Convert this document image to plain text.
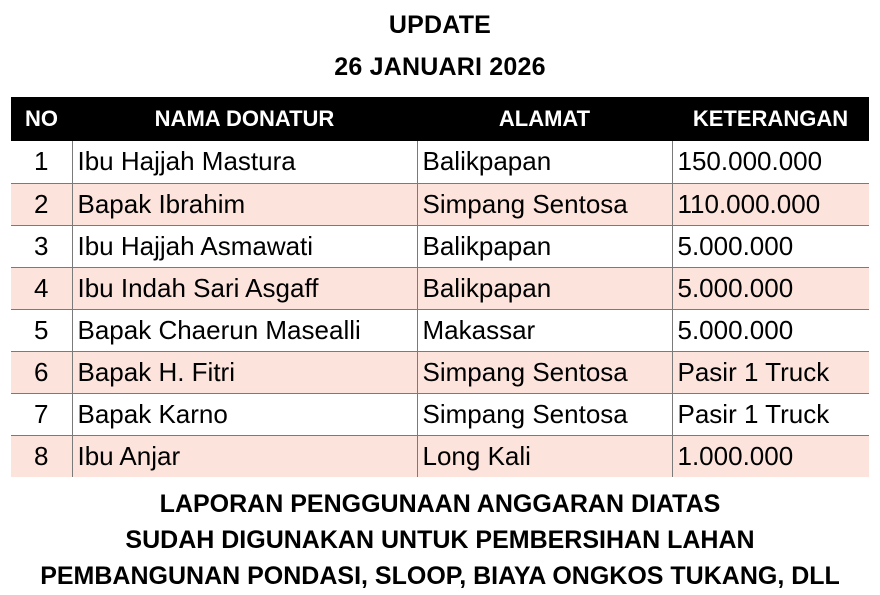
UPDATE
26 JANUARI 2026
NO	NAMA DONATUR	ALAMAT	KETERANGAN
1	Ibu Hajjah Mastura	Balikpapan	150.000.000
2	Bapak Ibrahim	Simpang Sentosa	110.000.000
3	Ibu Hajjah Asmawati	Balikpapan	5.000.000
4	Ibu Indah Sari Asgaff	Balikpapan	5.000.000
5	Bapak Chaerun Masealli	Makassar	5.000.000
6	Bapak H. Fitri	Simpang Sentosa	Pasir 1 Truck
7	Bapak Karno	Simpang Sentosa	Pasir 1 Truck
8	Ibu Anjar	Long Kali	1.000.000
LAPORAN PENGGUNAAN ANGGARAN DIATAS
SUDAH DIGUNAKAN UNTUK PEMBERSIHAN LAHAN
PEMBANGUNAN PONDASI, SLOOP, BIAYA ONGKOS TUKANG, DLL
